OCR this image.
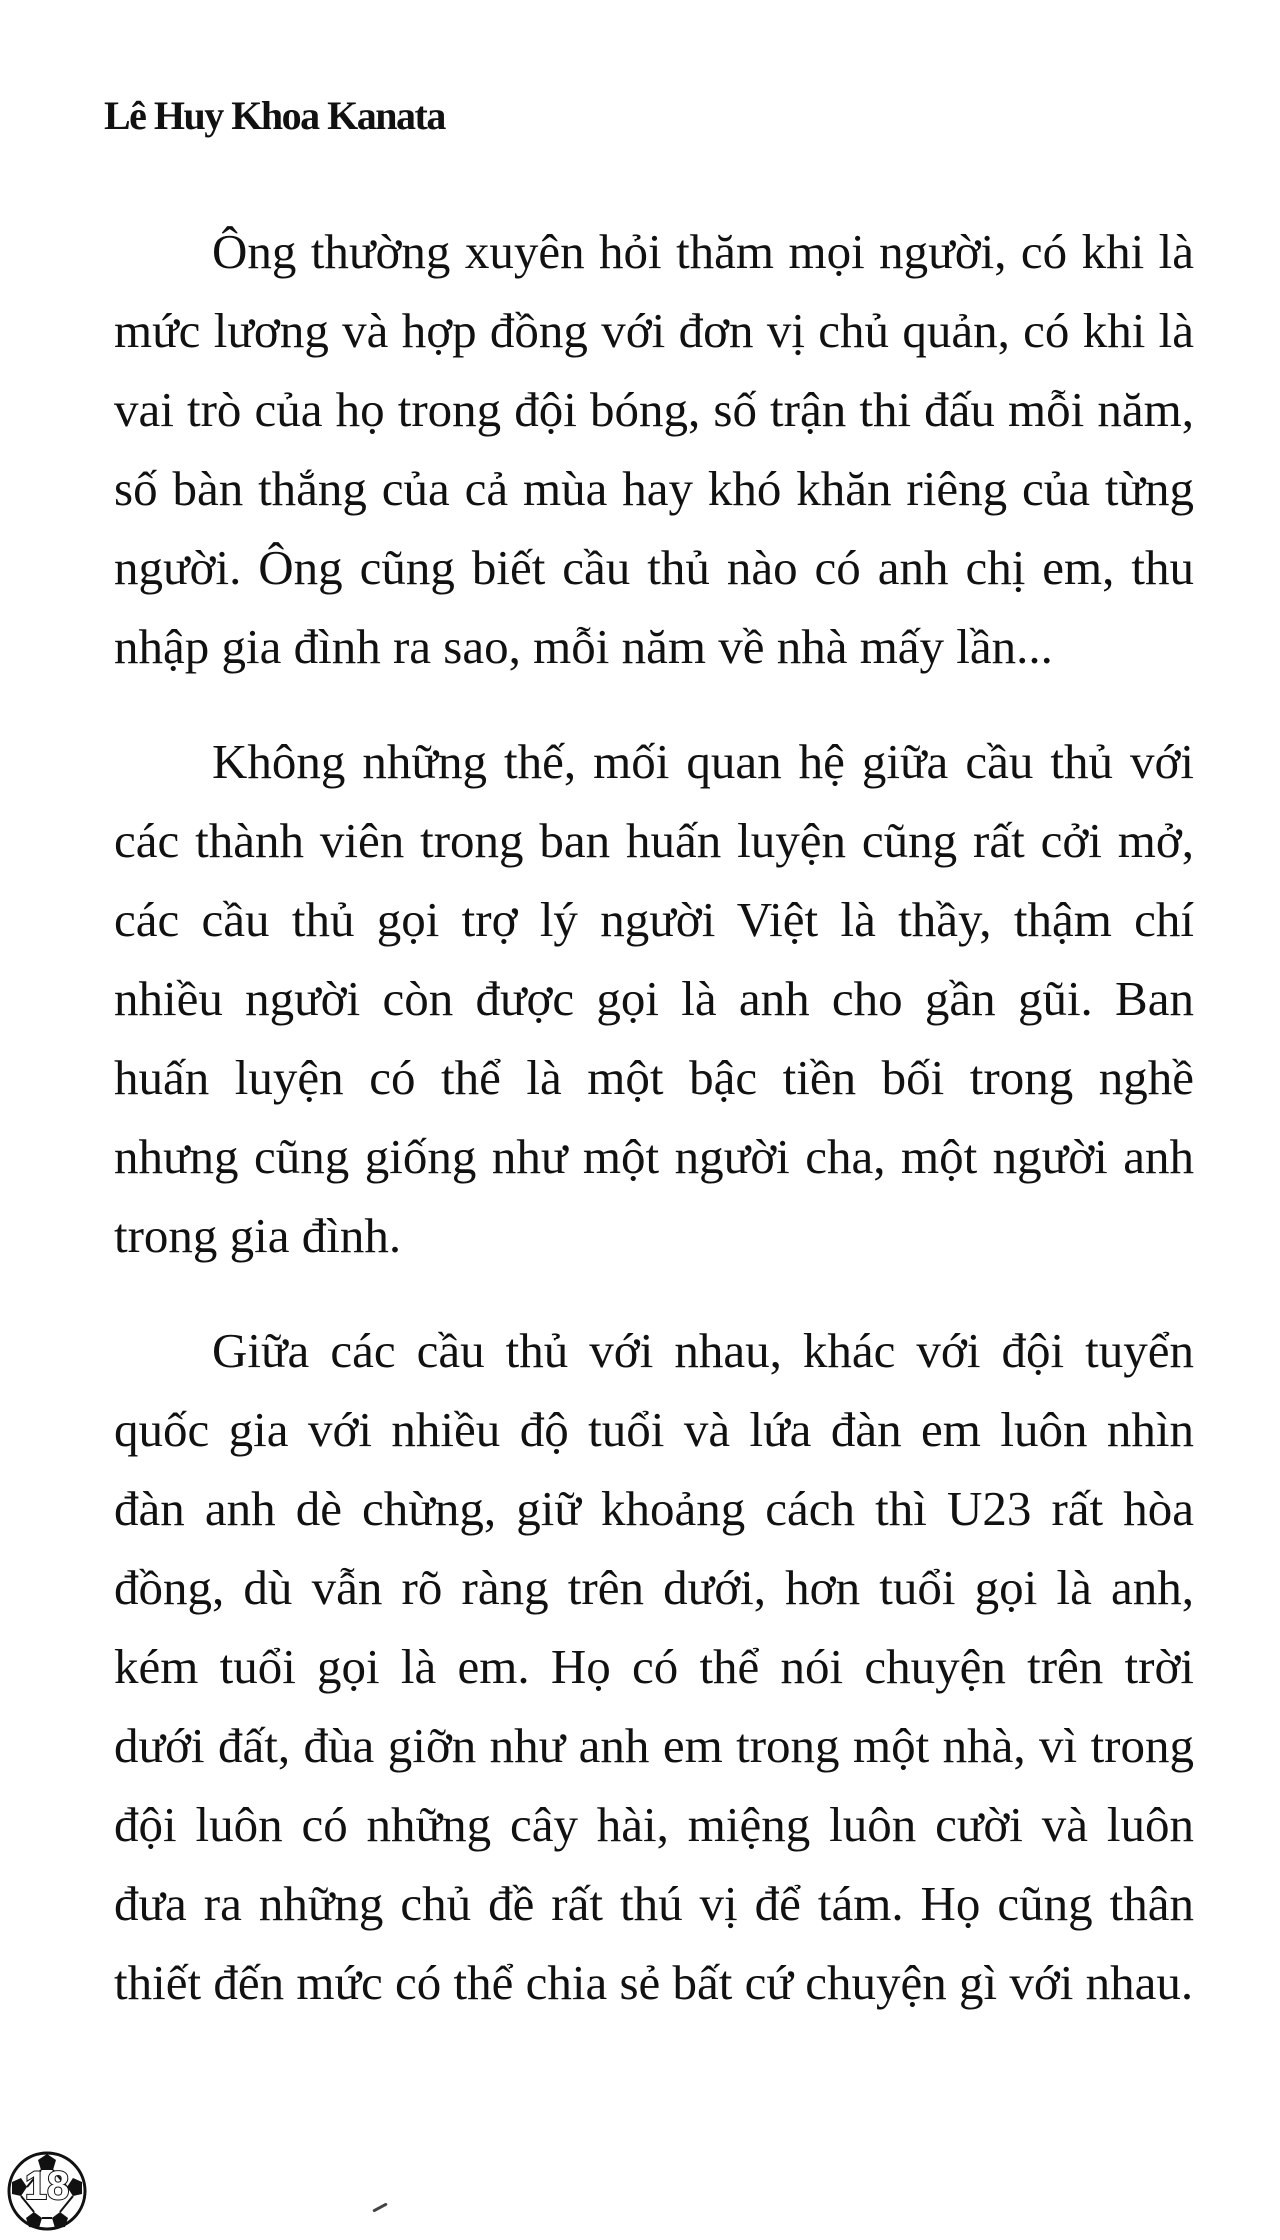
Lê Huy Khoa Kanata

Ông thường xuyên hỏi thăm mọi người, có khi là mức lương và hợp đồng với đơn vị chủ quản, có khi là vai trò của họ trong đội bóng, số trận thi đấu mỗi năm, số bàn thắng của cả mùa hay khó khăn riêng của từng người. Ông cũng biết cầu thủ nào có anh chị em, thu nhập gia đình ra sao, mỗi năm về nhà mấy lần...

Không những thế, mối quan hệ giữa cầu thủ với các thành viên trong ban huấn luyện cũng rất cởi mở, các cầu thủ gọi trợ lý người Việt là thầy, thậm chí nhiều người còn được gọi là anh cho gần gũi. Ban huấn luyện có thể là một bậc tiền bối trong nghề nhưng cũng giống như một người cha, một người anh trong gia đình.

Giữa các cầu thủ với nhau, khác với đội tuyển quốc gia với nhiều độ tuổi và lứa đàn em luôn nhìn đàn anh dè chừng, giữ khoảng cách thì U23 rất hòa đồng, dù vẫn rõ ràng trên dưới, hơn tuổi gọi là anh, kém tuổi gọi là em. Họ có thể nói chuyện trên trời dưới đất, đùa giỡn như anh em trong một nhà, vì trong đội luôn có những cây hài, miệng luôn cười và luôn đưa ra những chủ đề rất thú vị để tám. Họ cũng thân thiết đến mức có thể chia sẻ bất cứ chuyện gì với nhau.

18
